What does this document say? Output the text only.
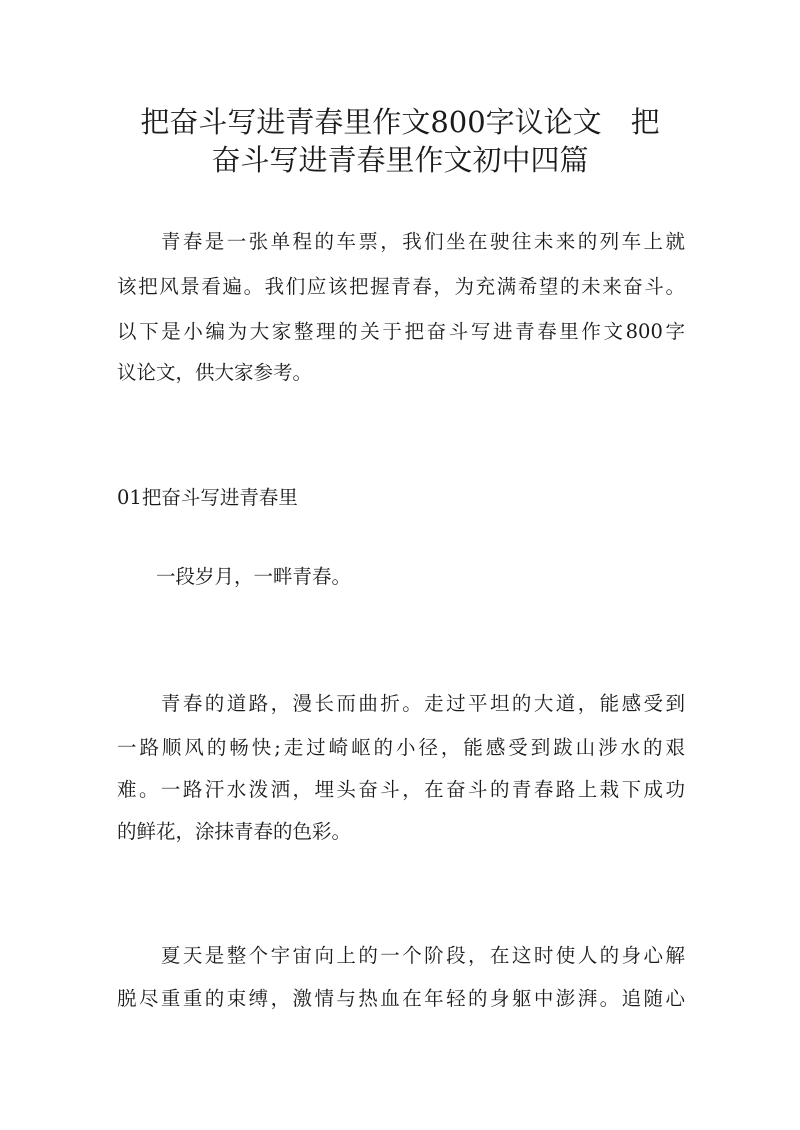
把奋斗写进青春里作文800字议论文　把
奋斗写进青春里作文初中四篇

　　青春是一张单程的车票，我们坐在驶往未来的列车上就

该把风景看遍。我们应该把握青春，为充满希望的未来奋斗。

以下是小编为大家整理的关于把奋斗写进青春里作文800字

议论文，供大家参考。

01把奋斗写进青春里

　　一段岁月，一畔青春。

　　青春的道路，漫长而曲折。走过平坦的大道，能感受到

一路顺风的畅快;走过崎岖的小径，能感受到跋山涉水的艰

难。一路汗水泼洒，埋头奋斗，在奋斗的青春路上栽下成功

的鲜花，涂抹青春的色彩。

　　夏天是整个宇宙向上的一个阶段，在这时使人的身心解

脱尽重重的束缚，激情与热血在年轻的身躯中澎湃。追随心
